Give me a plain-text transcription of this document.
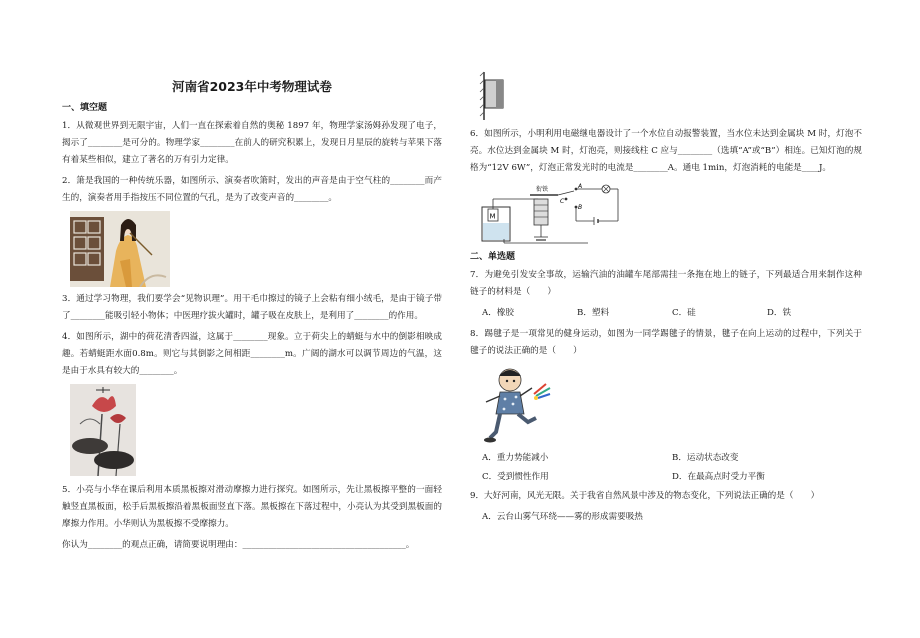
河南省2023年中考物理试卷
一、填空题
1．从微观世界到无限宇宙，人们一直在探索着自然的奥秘 1897 年，物理学家汤姆孙发现了电子，揭示了________是可分的。物理学家________在前人的研究积累上，发现日月星辰的旋转与苹果下落有着某些相似，建立了著名的万有引力定律。
2．箫是我国的一种传统乐器，如图所示、演奏者吹箫时，发出的声音是由于空气柱的________而产生的，演奏者用手指按压不同位置的气孔，是为了改变声音的________。
3．通过学习物理，我们要学会“见物识理”。用干毛巾擦过的镜子上会粘有细小绒毛，是由于镜子带了________能吸引轻小物体；中医理疗拔火罐时，罐子吸在皮肤上，是利用了________的作用。
4．如图所示，湖中的荷花清香四溢，这属于________现象。立于荷尖上的蜻蜓与水中的倒影相映成趣。若蜻蜓距水面0.8m。则它与其倒影之间相距________m。广阔的湖水可以调节周边的气温，这是由于水具有较大的________。
5．小亮与小华在课后利用本质黑板擦对滑动摩擦力进行探究。如图所示，先让黑板擦平整的一面轻触竖直黑板面，松手后黑板擦沿着黑板面竖直下落。黑板擦在下落过程中，小亮认为其受到黑板面的摩擦力作用。小华则认为黑板擦不受摩擦力。
你认为________的观点正确，请简要说明理由：______________________________________。
6．如图所示，小明利用电磁继电器设计了一个水位自动报警装置，当水位未达到金属块 M 时，灯泡不亮。水位达到金属块 M 时，灯泡亮，则接线柱 C 应与________（选填“A”或“B”）相连。已知灯泡的规格为“12V 6W”，灯泡正常发光时的电流是________A。通电 1min，灯泡消耗的电能是____J。
M
衔铁	A
B
C
二、单选题
7．为避免引发安全事故，运输汽油的油罐车尾部需挂一条拖在地上的链子，下列最适合用来制作这种链子的材料是（　　）
A．橡胶	B．塑料	C．硅	D．铁
8．踢毽子是一项常见的健身运动，如图为一同学踢毽子的情景，毽子在向上运动的过程中，下列关于毽子的说法正确的是（　　）
A．重力势能减小	B．运动状态改变
C．受到惯性作用	D．在最高点时受力平衡
9．大好河南，风光无限。关于我省自然风景中涉及的物态变化，下列说法正确的是（　　）
A．云台山雾气环绕——雾的形成需要吸热
